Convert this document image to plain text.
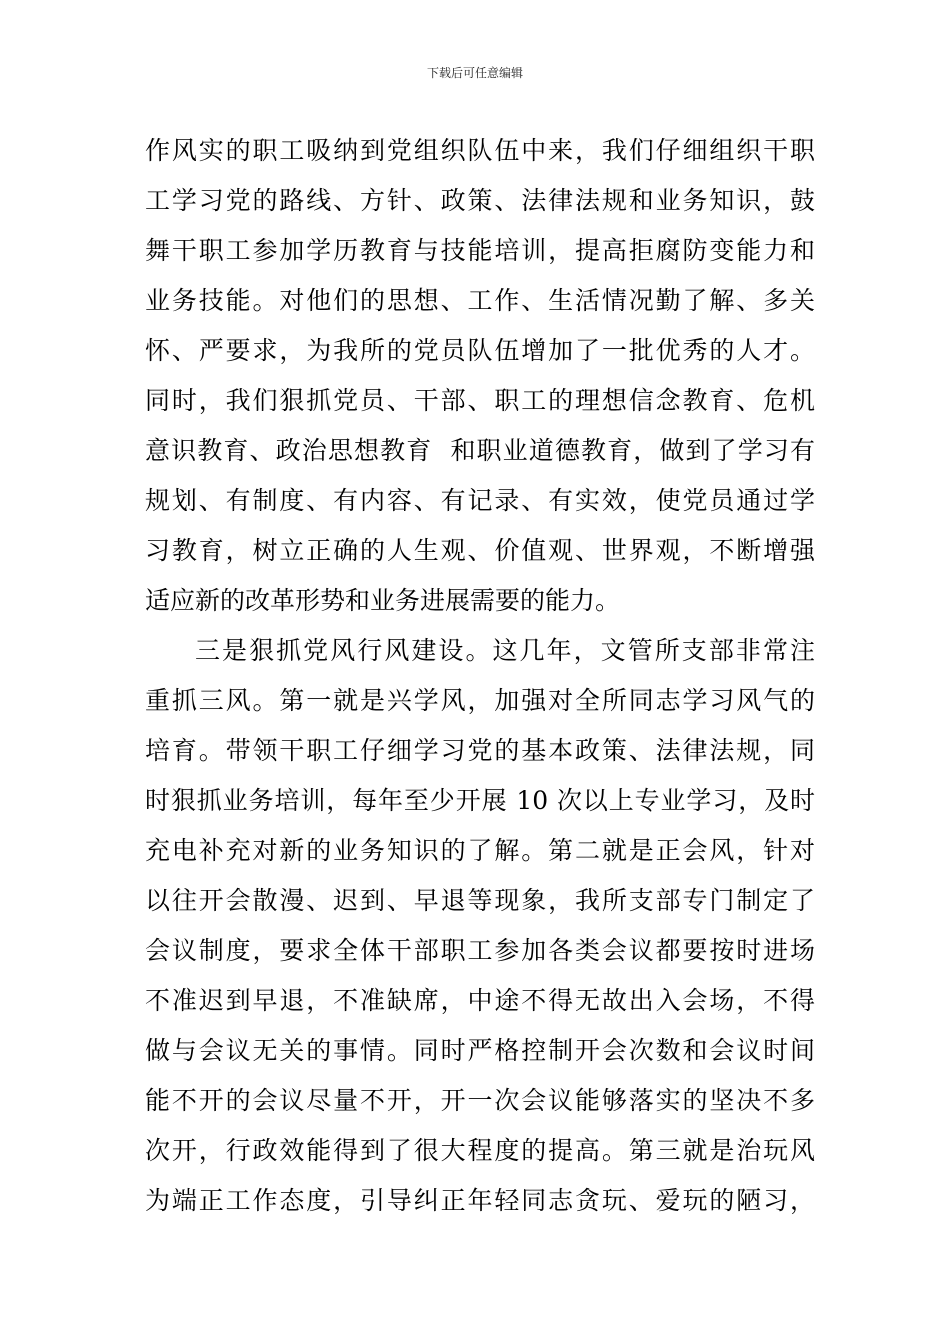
下载后可任意编辑
作风实的职工吸纳到党组织队伍中来，我们仔细组织干职
工学习党的路线、方针、政策、法律法规和业务知识，鼓
舞干职工参加学历教育与技能培训，提高拒腐防变能力和
业务技能。对他们的思想、工作、生活情况勤了解、多关
怀、严要求，为我所的党员队伍增加了一批优秀的人才。
同时，我们狠抓党员、干部、职工的理想信念教育、危机
意识教育、政治思想教育  和职业道德教育，做到了学习有
规划、有制度、有内容、有记录、有实效，使党员通过学
习教育，树立正确的人生观、价值观、世界观，不断增强
适应新的改革形势和业务进展需要的能力。
三是狠抓党风行风建设。这几年，文管所支部非常注
重抓三风。第一就是兴学风，加强对全所同志学习风气的
培育。带领干职工仔细学习党的基本政策、法律法规，同
时狠抓业务培训，每年至少开展 10 次以上专业学习，及时
充电补充对新的业务知识的了解。第二就是正会风，针对
以往开会散漫、迟到、早退等现象，我所支部专门制定了
会议制度，要求全体干部职工参加各类会议都要按时进场
不准迟到早退，不准缺席，中途不得无故出入会场，不得
做与会议无关的事情。同时严格控制开会次数和会议时间
能不开的会议尽量不开，开一次会议能够落实的坚决不多
次开，行政效能得到了很大程度的提高。第三就是治玩风
为端正工作态度，引导纠正年轻同志贪玩、爱玩的陋习，
